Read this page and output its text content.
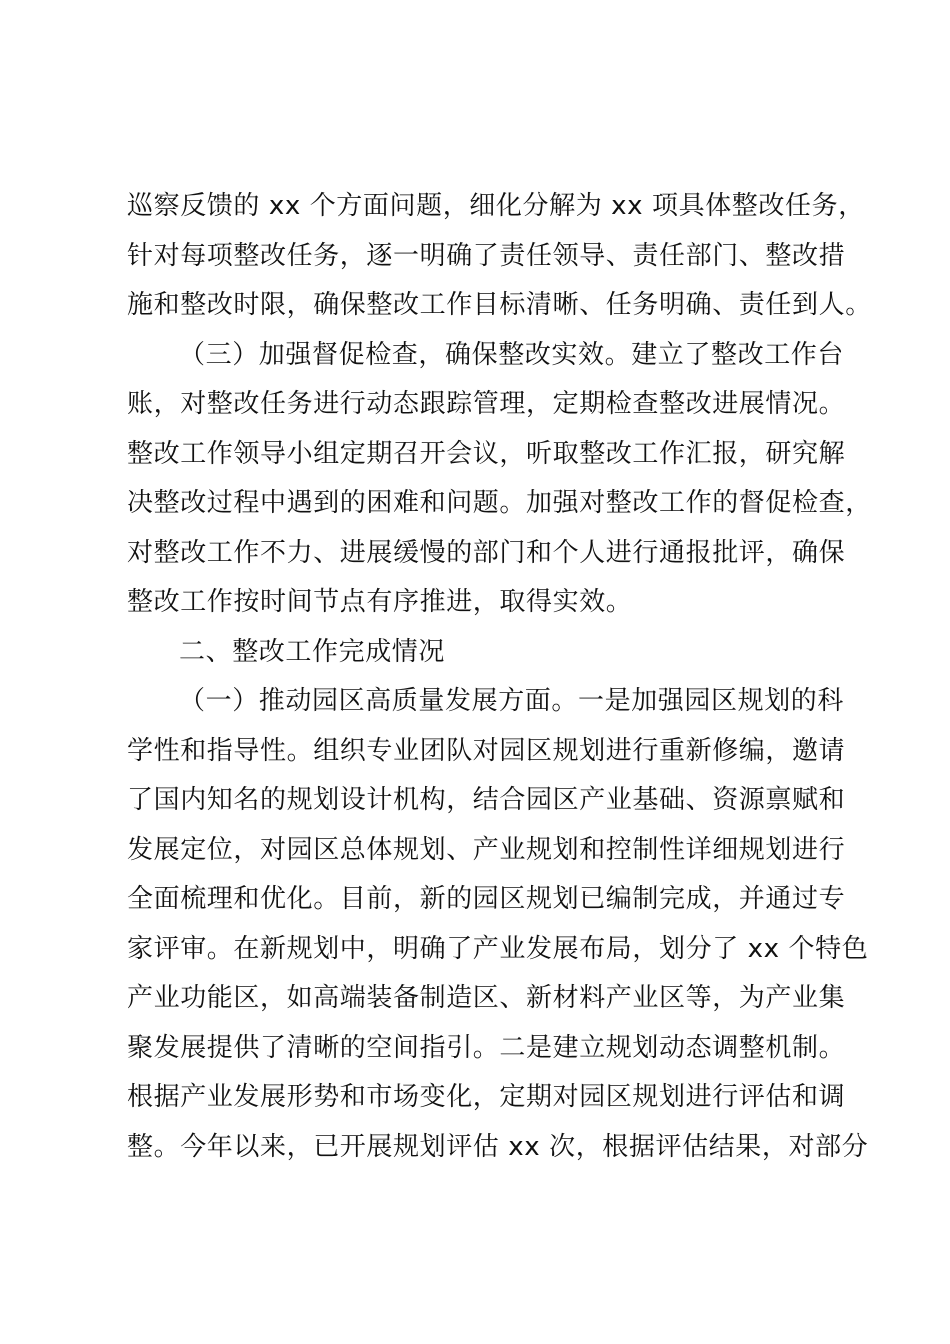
巡察反馈的 xx 个方面问题，细化分解为 xx 项具体整改任务，
针对每项整改任务，逐一明确了责任领导、责任部门、整改措
施和整改时限，确保整改工作目标清晰、任务明确、责任到人。
（三）加强督促检查，确保整改实效。建立了整改工作台
账，对整改任务进行动态跟踪管理，定期检查整改进展情况。
整改工作领导小组定期召开会议，听取整改工作汇报，研究解
决整改过程中遇到的困难和问题。加强对整改工作的督促检查，
对整改工作不力、进展缓慢的部门和个人进行通报批评，确保
整改工作按时间节点有序推进，取得实效。
二、整改工作完成情况
（一）推动园区高质量发展方面。一是加强园区规划的科
学性和指导性。组织专业团队对园区规划进行重新修编，邀请
了国内知名的规划设计机构，结合园区产业基础、资源禀赋和
发展定位，对园区总体规划、产业规划和控制性详细规划进行
全面梳理和优化。目前，新的园区规划已编制完成，并通过专
家评审。在新规划中，明确了产业发展布局，划分了 xx 个特色
产业功能区，如高端装备制造区、新材料产业区等，为产业集
聚发展提供了清晰的空间指引。二是建立规划动态调整机制。
根据产业发展形势和市场变化，定期对园区规划进行评估和调
整。今年以来，已开展规划评估 xx 次，根据评估结果，对部分
